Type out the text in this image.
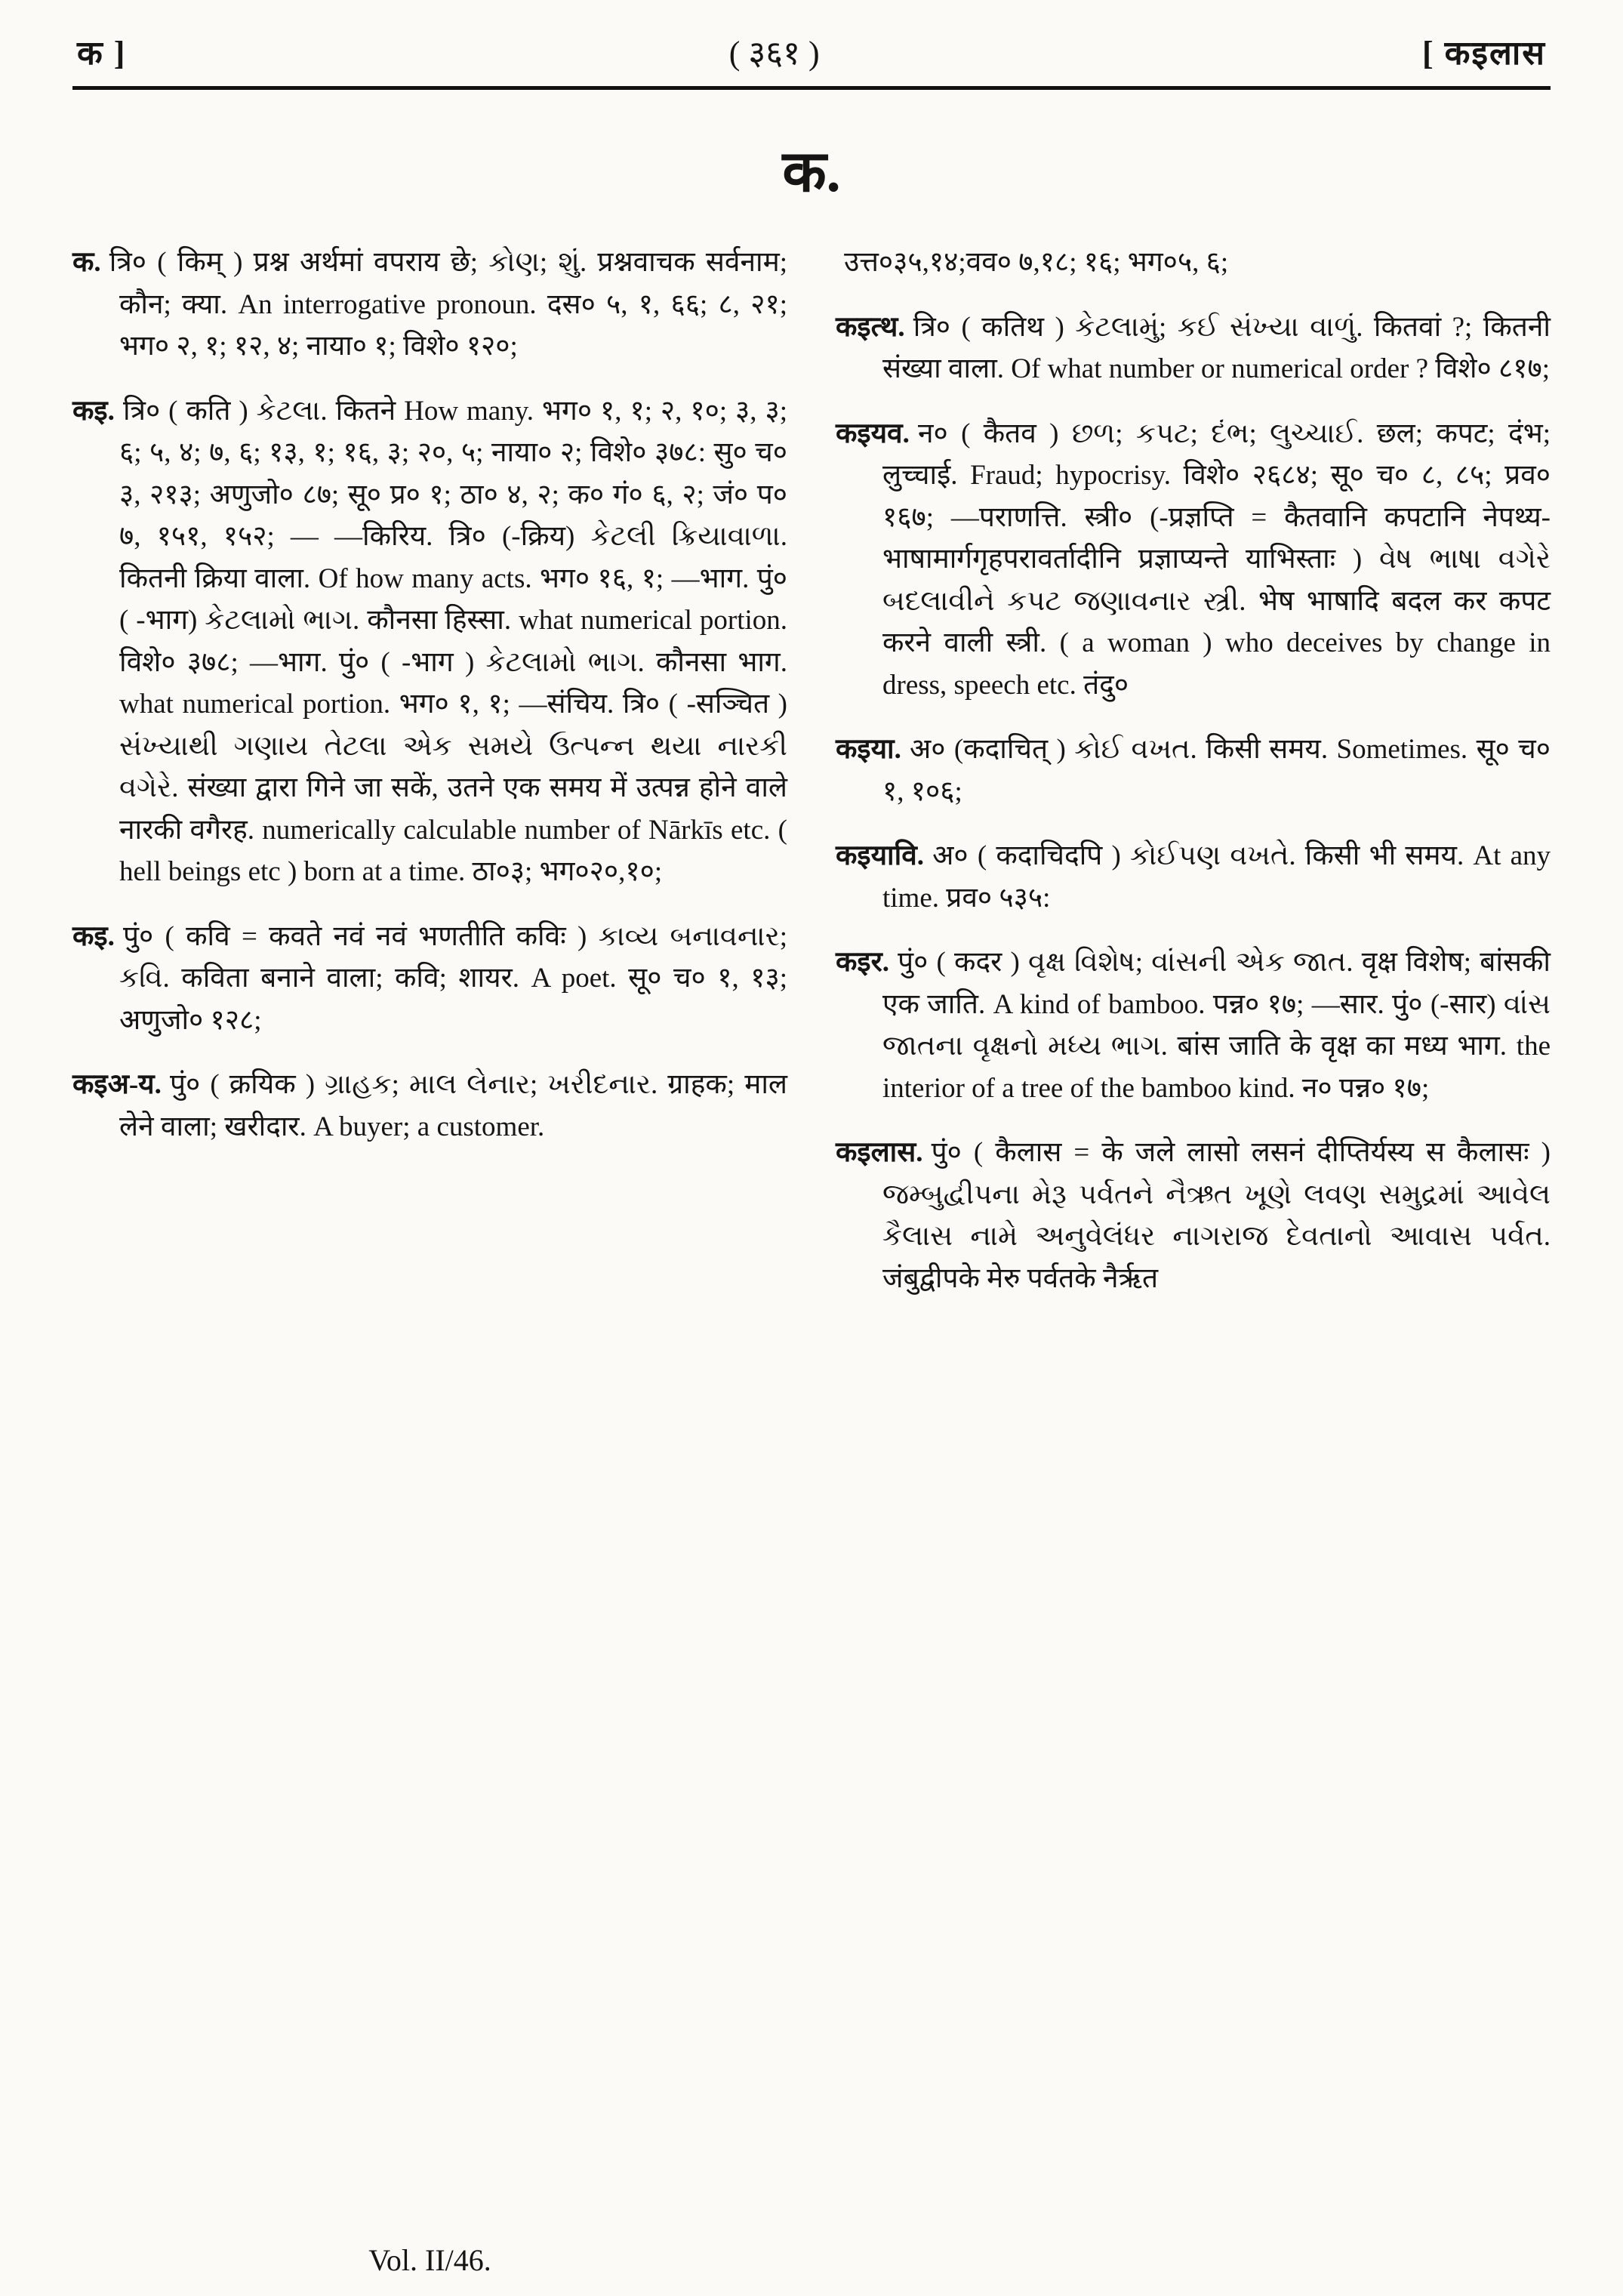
क ]	( ३६१ )	[ कइलास
क.

क. त्रि० ( किम् ) प्रश्न अर्थमां वपराय छे; કોણ; શું. प्रश्नवाचक सर्वनाम; कौन; क्या. An interrogative pronoun. दस० ५, १, ६६; ८, २१; भग० २, १; १२, ४; नाया० १; विशे० १२०;

कइ. त्रि० ( कति ) કેટલા. कितने How many. भग० १, १; २, १०; ३, ३; ६; ५, ४; ७, ६; १३, १; १६, ३; २०, ५; नाया० २; विशे० ३७८: सु० च० ३, २१३; अणुजो० ८७; सू० प्र० १; ठा० ४, २; क० गं० ६, २; जं० प० ७, १५१, १५२; — —किरिय. त्रि० (-क्रिय) કેટલી ક્રિયાવાળા. कितनी क्रिया वाला. Of how many acts. भग० १६, १; —भाग. पुं० ( -भाग) કેટલામો ભાગ. कौनसा हिस्सा. what numerical portion. विशे० ३७८; —भाग. पुं० ( -भाग ) કેટલામો ભાગ. कौनसा भाग. what numerical portion. भग० १, १; —संचिय. त्रि० ( -सञ्चित ) સંખ્યાથી ગણાય તેટલા એક સમયે ઉત્પન્ન થયા નારકી વગેરે. संख्या द्वारा गिने जा सकें, उतने एक समय में उत्पन्न होने वाले नारकी वगैरह. numerically calculable number of Nārkīs etc. ( hell beings etc ) born at a time. ठा०३; भग०२०,१०;

कइ. पुं० ( कवि = कवते नवं नवं भणतीति कविः ) કાવ્ય બનાવનાર; કવિ. कविता बनाने वाला; कवि; शायर. A poet. सू० च० १, १३; अणुजो० १२८;

कइअ-य. पुं० ( क्रयिक ) ગ્રાહક; માલ લેનાર; ખરીદનાર. ग्राहक; माल लेने वाला; खरीदार. A buyer; a customer.

उत्त०३५,१४;वव० ७,१८; १६; भग०५, ६;

कइत्थ. त्रि० ( कतिथ ) કેટલામું; કઈ સંખ્યા વાળું. कितवां ?; कितनी संख्या वाला. Of what number or numerical order ? विशे० ८१७;

कइयव. न० ( कैतव ) છળ; કપટ; દંભ; લુચ્ચાઈ. छल; कपट; दंभ; लुच्चाई. Fraud; hypocrisy. विशे० २६८४; सू० च० ८, ८५; प्रव० १६७; —पराणत्ति. स्त्री० (-प्रज्ञप्ति = कैतवानि कपटानि नेपथ्य-भाषामार्गगृहपरावर्तादीनि प्रज्ञाप्यन्ते याभिस्ताः ) વેષ ભાષા વગેરે બદલાવીને કપટ જણાવનાર સ્ત્રી. भेष भाषादि बदल कर कपट करने वाली स्त्री. ( a woman ) who deceives by change in dress, speech etc. तंदु०

कइया. अ० (कदाचित् ) કોઈ વખત. किसी समय. Sometimes. सू० च० १, १०६;

कइयावि. अ० ( कदाचिदपि ) કોઈપણ વખતે. किसी भी समय. At any time. प्रव० ५३५:

कइर. पुं० ( कदर ) વૃક્ષ વિશેષ; વાંસની એક જાત. वृक्ष विशेष; बांसकी एक जाति. A kind of bamboo. पन्न० १७; —सार. पुं० (-सार) વાંસ જાતના વૃક્ષનો મધ્ય ભાગ. बांस जाति के वृक्ष का मध्य भाग. the interior of a tree of the bamboo kind. न० पन्न० १७;

कइलास. पुं० ( कैलास = के जले लासो लसनं दीप्तिर्यस्य स कैलासः ) જમ્બુદ્વીપના મેરૂ પર્વતને નૈઋત ખૂણે લવણ સમુદ્રમાં આવેલ કૈલાસ નામે અનુવેલંધર નાગરાજ દેવતાનો આવાસ પર્વત. जंबुद्वीपके मेरु पर्वतके नैर्ऋत

Vol. II/46.
